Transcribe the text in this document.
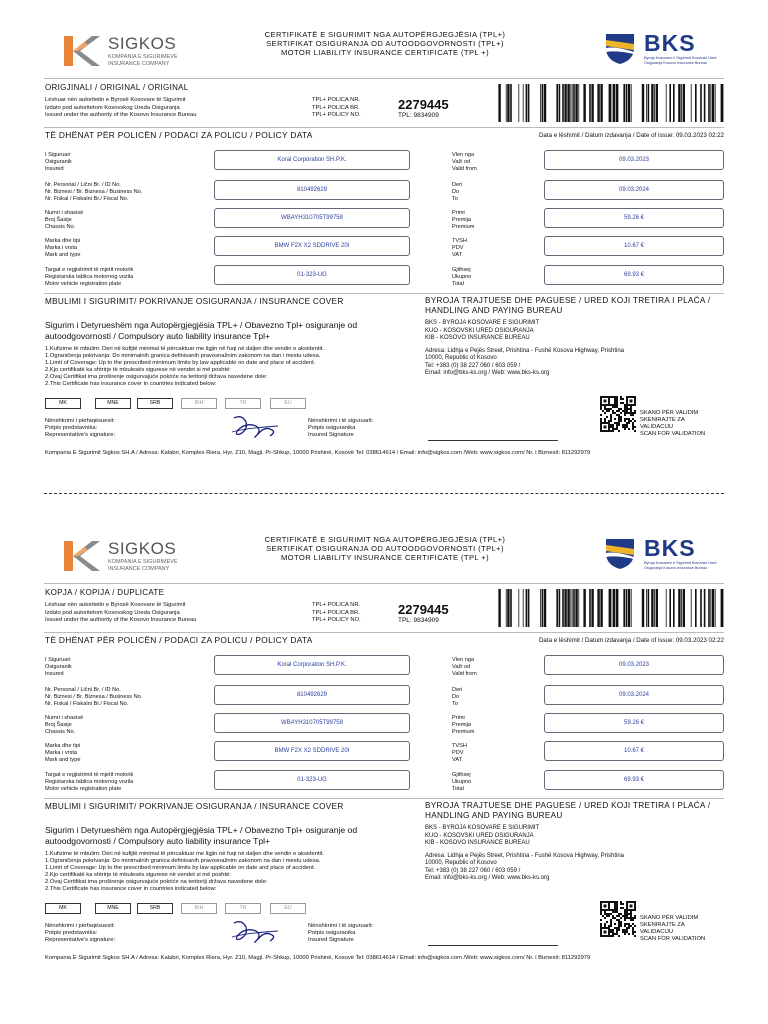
SIGKOS
KOMPANIA E SIGURIMEVE
INSURANCE COMPANY
CERTIFIKATË E SIGURIMIT NGA AUTOPËRGJEGJËSIA (TPL+)
SERTIFIKAT OSIGURANJA OD AUTOODGOVORNOSTI (TPL+)
MOTOR LIABILITY INSURANCE CERTIFICATE (TPL +)	BKS
Byroja Kosovare e Sigurimit Kosovski Ured Osiguranja Kosovo Insurance Bureau
ORIGJINALI / ORIGINAL / ORIGINAL
Lëshuar nën autoritetin e Byrosë Kosovare të Sigurimit
Izdato pod autoritetom Kosovskog Ureda Osiguranja
Issued under the authority of the Kosovo Insurance Bureau
TPL+ POLICA NR.
TPL+ POLICA BR.
TPL+ POLICY NO.
2279445
TPL: 9834909
TË DHËNAT PËR POLICËN / PODACI ZA POLICU / POLICY DATA	Data e lëshimit / Datum izdavanja / Date of issue: 09.03.2023 02:22
I Siguruari
Osiguranik
Insured
Koral Corporation SH.P.K.
Vlen nga
Važi od
Valid from
09.03.2023
Nr. Personal / Lični Br. / ID No.
Nr. Biznesi / Br. Biznesa / Business No.
Nr. Fiskal / Fiskalni Br./ Fiscal No.
810492629
Deri
Do
To
09.03.2024
Numri i shasisë
Broj Šasije
Chassis No.
WBAYH310705T99758
Primi
Premija
Premium
59.26 €
Marka dhe tipi
Marka i vrsta
Mark and type
BMW F2X X2 SDDRIVE 20I
TVSH
PDV
VAT
10.67 €
Targat e regjistrimit të mjetit motorik
Registarska tablica motornog vozila
Motor vehicle registration plate
01-323-UG
Gjithsej
Ukupno
Total
69.93 €
MBULIMI I SIGURIMIT/ POKRIVANJE OSIGURANJA / INSURANCE COVER	BYROJA TRAJTUESE DHE PAGUESE / URED KOJI TRETIRA I PLAĆA / HANDLING AND PAYING BUREAU
Sigurim i Detyrueshëm nga Autopërgjegjësia TPL+ / Obavezno Tpl+ osiguranje od autoodgovornosti / Compulsory auto liability insurance Tpl+
1.Kufizime të mbulim: Deri në kufijtë minimal të përcaktuar me ligjin në fuqi në daljen dhe vendin e aksidentit.
1.Ograničenja pokrivanja: Do minimalnih granica definisanih pravosnažnim zakonom na dan i mestu udesa.
1.Limit of Coverage: Up to the prescribed minimum limits by law applicable on date and place of accident.
2.Kjo certifikatë ka shtrirje të mbulesës sigurese në vendet si më poshtë:
2.Ovaj Certifikat ima proširenje osigurvajuće pokriće na teritoriji država navedene dole:
2.This Certificate has insurance cover in countries indicated below:
BKS - BYROJA KOSOVARE E SIGURIMIT
KUO - KOSOVSKI URED OSIGURANJA
KIB - KOSOVO INSURANCE BUREAU
Adresa: Lidhja e Pejës Street, Prishtina - Fushë Kosova Highway, Prishtina
10000, Republic of Kosovo
Tel: +383 (0) 38 227 060 / 603 059 /
Email: info@bks-ks.org / Web: www.bks-ks.org
MK	MNE	SRB	BIH	TR	EU
Nënshkrimi i përfaqësuesit:
Potpis predstavnika:
Representative's signature:
Nënshkrimi i të siguruarit:
Potpis osiguranika
Insured Signature
SKANO PËR VALIDIM
SKENIRAJTE ZA
VALIDACIJU
SCAN FOR VALIDATION
Kompania E Sigurimit Sigkos SH.A / Adresa: Kalabri, Komplex Riera, Hyr. Z10, Magji. Pr-Shkup, 10000 Prishinë, Kosovë Tel: 038614614 / Email: info@sigkos.com /Web: www.sigkos.com/ Nr. i Biznesit: 811292979
SIGKOS
KOMPANIA E SIGURIMEVE
INSURANCE COMPANY
CERTIFIKATË E SIGURIMIT NGA AUTOPËRGJEGJËSIA (TPL+)
SERTIFIKAT OSIGURANJA OD AUTOODGOVORNOSTI (TPL+)
MOTOR LIABILITY INSURANCE CERTIFICATE (TPL +)	BKS
Byroja Kosovare e Sigurimit Kosovski Ured Osiguranja Kosovo Insurance Bureau
KOPJA / KOPIJA / DUPLICATE
Lëshuar nën autoritetin e Byrosë Kosovare të Sigurimit
Izdato pod autoritetom Kosovskog Ureda Osiguranja
Issued under the authority of the Kosovo Insurance Bureau
TPL+ POLICA NR.
TPL+ POLICA BR.
TPL+ POLICY NO.
2279445
TPL: 9834909
TË DHËNAT PËR POLICËN / PODACI ZA POLICU / POLICY DATA	Data e lëshimit / Datum izdavanja / Date of issue: 09.03.2023 02:22
I Siguruari
Osiguranik
Insured
Koral Corporation SH.P.K.
Vlen nga
Važi od
Valid from
09.03.2023
Nr. Personal / Lični Br. / ID No.
Nr. Biznesi / Br. Biznesa / Business No.
Nr. Fiskal / Fiskalni Br./ Fiscal No.
810492629
Deri
Do
To
09.03.2024
Numri i shasisë
Broj Šasije
Chassis No.
WBAYH310705T99758
Primi
Premija
Premium
59.26 €
Marka dhe tipi
Marka i vrsta
Mark and type
BMW F2X X2 SDDRIVE 20I
TVSH
PDV
VAT
10.67 €
Targat e regjistrimit të mjetit motorik
Registarska tablica motornog vozila
Motor vehicle registration plate
01-323-UG
Gjithsej
Ukupno
Total
69.93 €
MBULIMI I SIGURIMIT/ POKRIVANJE OSIGURANJA / INSURANCE COVER	BYROJA TRAJTUESE DHE PAGUESE / URED KOJI TRETIRA I PLAĆA / HANDLING AND PAYING BUREAU
Sigurim i Detyrueshëm nga Autopërgjegjësia TPL+ / Obavezno Tpl+ osiguranje od autoodgovornosti / Compulsory auto liability insurance Tpl+
1.Kufizime të mbulim: Deri në kufijtë minimal të përcaktuar me ligjin në fuqi në daljen dhe vendin e aksidentit.
1.Ograničenja pokrivanja: Do minimalnih granica definisanih pravosnažnim zakonom na dan i mestu udesa.
1.Limit of Coverage: Up to the prescribed minimum limits by law applicable on date and place of accident.
2.Kjo certifikatë ka shtrirje të mbulesës sigurese në vendet si më poshtë:
2.Ovaj Certifikat ima proširenje osigurvajuće pokriće na teritoriji država navedene dole:
2.This Certificate has insurance cover in countries indicated below:
BKS - BYROJA KOSOVARE E SIGURIMIT
KUO - KOSOVSKI URED OSIGURANJA
KIB - KOSOVO INSURANCE BUREAU
Adresa: Lidhja e Pejës Street, Prishtina - Fushë Kosova Highway, Prishtina
10000, Republic of Kosovo
Tel: +383 (0) 38 227 060 / 603 059 /
Email: info@bks-ks.org / Web: www.bks-ks.org
MK	MNE	SRB	BIH	TR	EU
Nënshkrimi i përfaqësuesit:
Potpis predstavnika:
Representative's signature:
Nënshkrimi i të siguruarit:
Potpis osiguranika
Insured Signature
SKANO PËR VALIDIM
SKENIRAJTE ZA
VALIDACIJU
SCAN FOR VALIDATION
Kompania E Sigurimit Sigkos SH.A / Adresa: Kalabri, Komplex Riera, Hyr. Z10, Magji. Pr-Shkup, 10000 Prishinë, Kosovë Tel: 038614614 / Email: info@sigkos.com /Web: www.sigkos.com/ Nr. i Biznesit: 811292979
